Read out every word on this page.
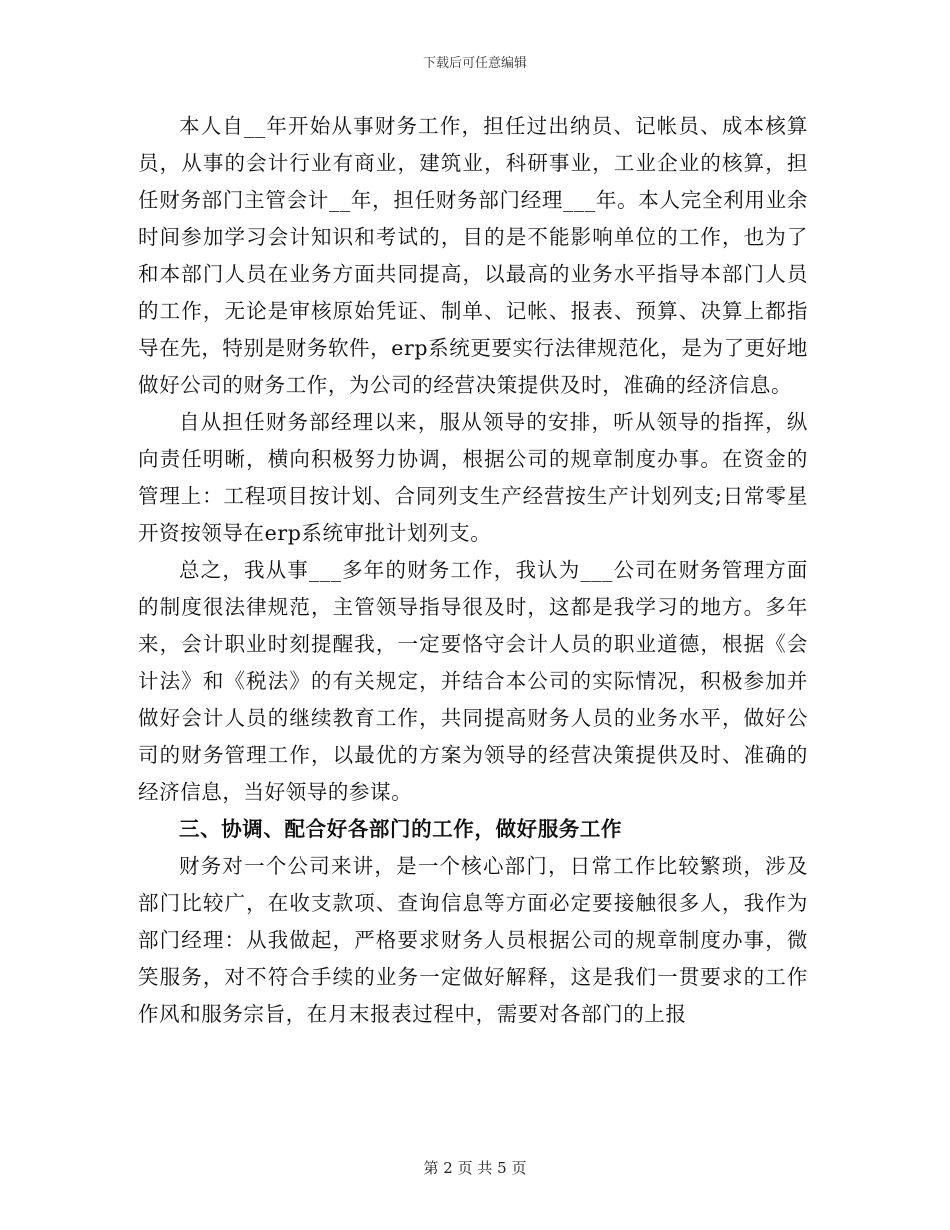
下载后可任意编辑

本人自__年开始从事财务工作，担任过出纳员、记帐员、成本核算员，从事的会计行业有商业，建筑业，科研事业，工业企业的核算，担任财务部门主管会计__年，担任财务部门经理___年。本人完全利用业余时间参加学习会计知识和考试的，目的是不能影响单位的工作，也为了和本部门人员在业务方面共同提高，以最高的业务水平指导本部门人员的工作，无论是审核原始凭证、制单、记帐、报表、预算、决算上都指导在先，特别是财务软件，erp系统更要实行法律规范化，是为了更好地做好公司的财务工作，为公司的经营决策提供及时，准确的经济信息。

自从担任财务部经理以来，服从领导的安排，听从领导的指挥，纵向责任明晰，横向积极努力协调，根据公司的规章制度办事。在资金的管理上：工程项目按计划、合同列支生产经营按生产计划列支;日常零星开资按领导在erp系统审批计划列支。

总之，我从事___多年的财务工作，我认为___公司在财务管理方面的制度很法律规范，主管领导指导很及时，这都是我学习的地方。多年来，会计职业时刻提醒我，一定要恪守会计人员的职业道德，根据《会计法》和《税法》的有关规定，并结合本公司的实际情况，积极参加并做好会计人员的继续教育工作，共同提高财务人员的业务水平，做好公司的财务管理工作，以最优的方案为领导的经营决策提供及时、准确的经济信息，当好领导的参谋。

三、协调、配合好各部门的工作，做好服务工作

财务对一个公司来讲，是一个核心部门，日常工作比较繁琐，涉及部门比较广，在收支款项、查询信息等方面必定要接触很多人，我作为部门经理：从我做起，严格要求财务人员根据公司的规章制度办事，微笑服务，对不符合手续的业务一定做好解释，这是我们一贯要求的工作作风和服务宗旨，在月末报表过程中，需要对各部门的上报

第 2 页 共 5 页
